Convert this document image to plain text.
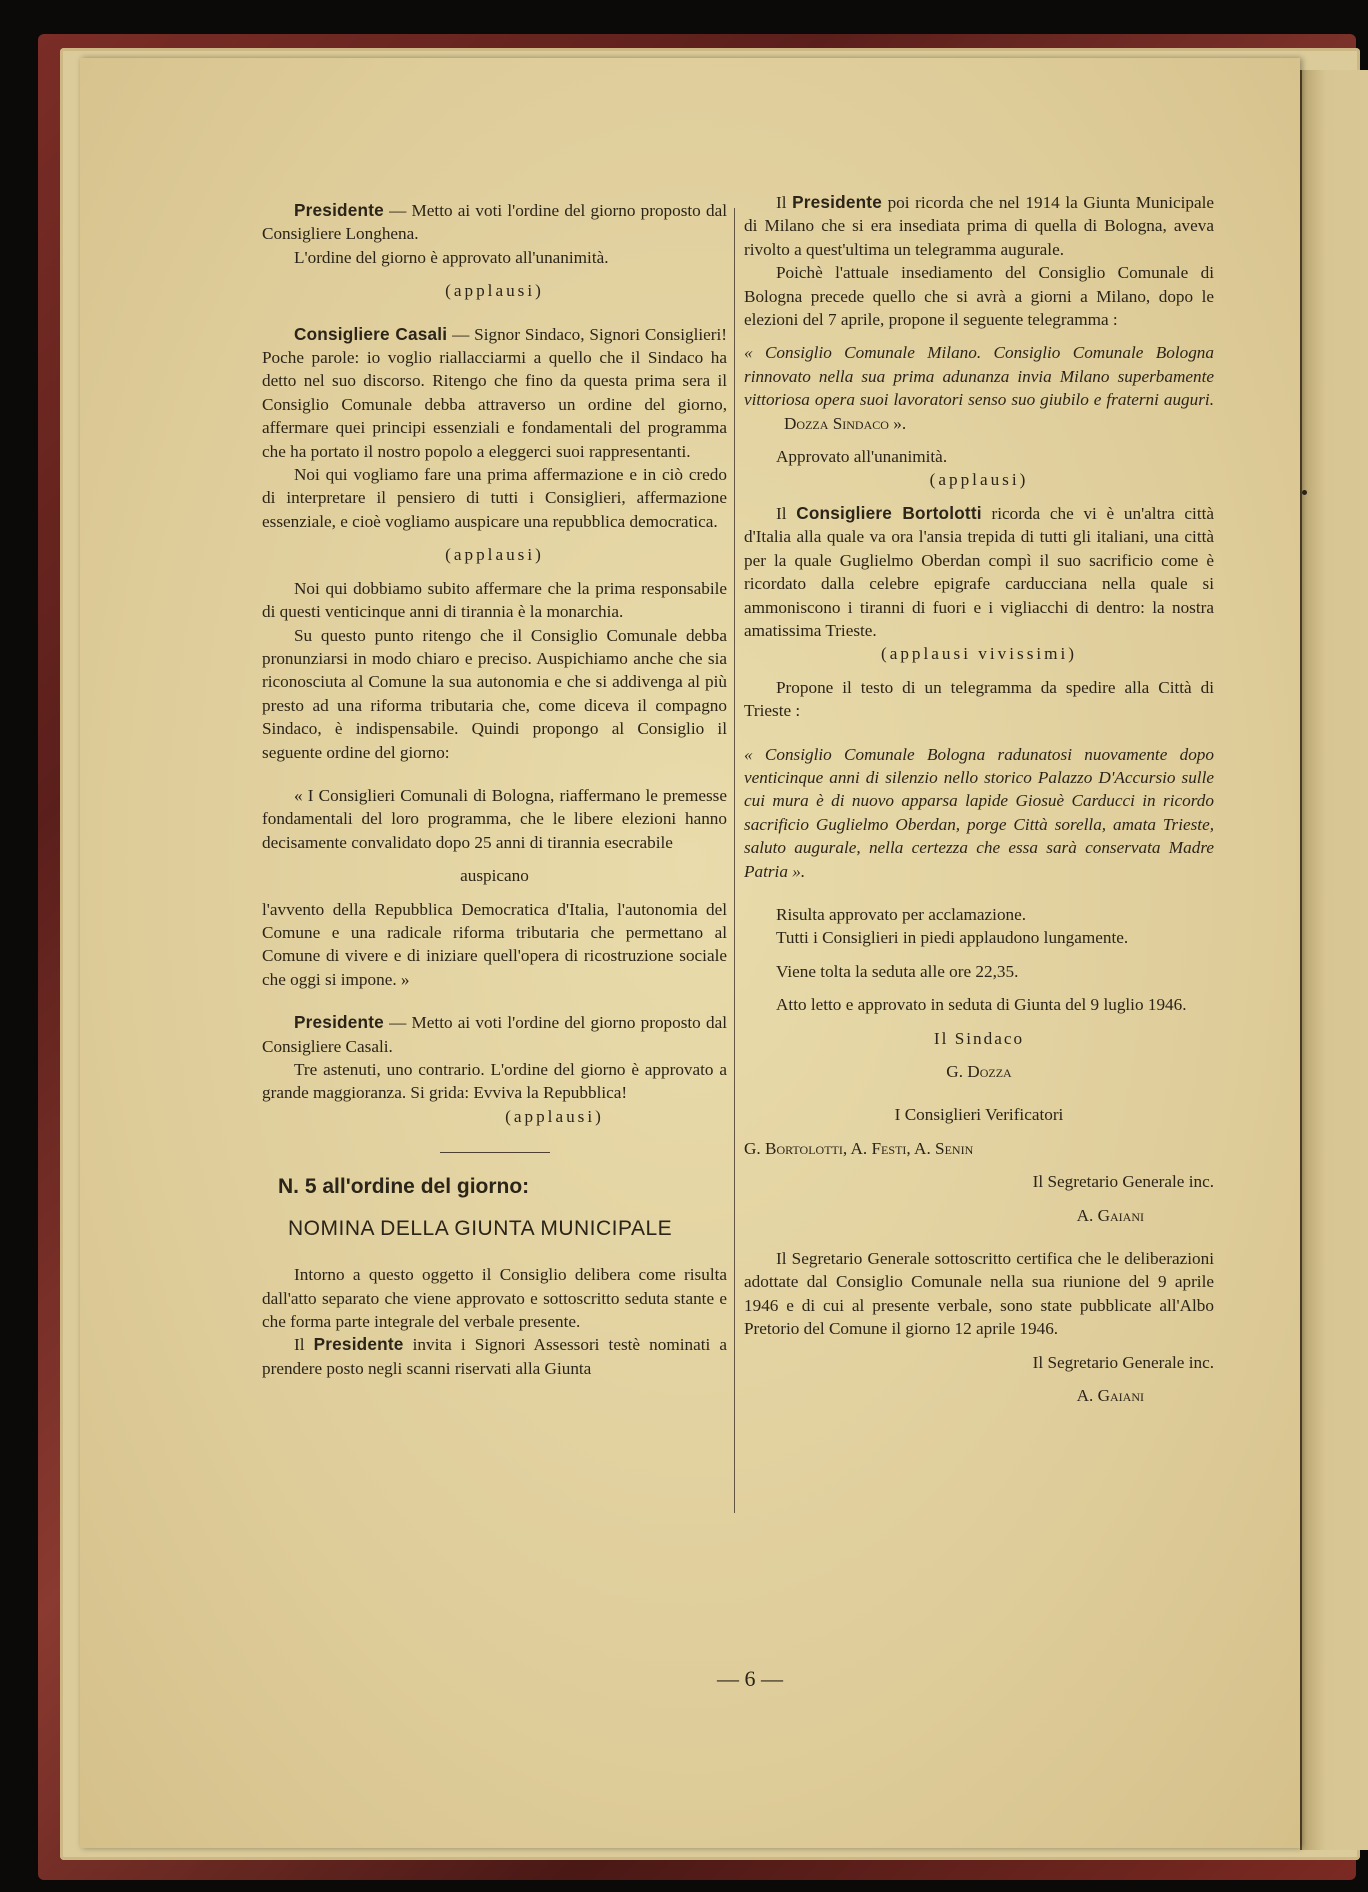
Presidente — Metto ai voti l'ordine del giorno proposto dal Consigliere Longhena.

L'ordine del giorno è approvato all'unanimità.

(applausi)

Consigliere Casali — Signor Sindaco, Signori Consiglieri! Poche parole: io voglio riallacciarmi a quello che il Sindaco ha detto nel suo discorso. Ritengo che fino da questa prima sera il Consiglio Comunale debba attraverso un ordine del giorno, affermare quei principi essenziali e fondamentali del programma che ha portato il nostro popolo a eleggerci suoi rappresentanti.

Noi qui vogliamo fare una prima affermazione e in ciò credo di interpretare il pensiero di tutti i Consiglieri, affermazione essenziale, e cioè vogliamo auspicare una repubblica democratica.

(applausi)

Noi qui dobbiamo subito affermare che la prima responsabile di questi venticinque anni di tirannia è la monarchia.

Su questo punto ritengo che il Consiglio Comunale debba pronunziarsi in modo chiaro e preciso. Auspichiamo anche che sia riconosciuta al Comune la sua autonomia e che si addivenga al più presto ad una riforma tributaria che, come diceva il compagno Sindaco, è indispensabile. Quindi propongo al Consiglio il seguente ordine del giorno:

« I Consiglieri Comunali di Bologna, riaffermano le premesse fondamentali del loro programma, che le libere elezioni hanno decisamente convalidato dopo 25 anni di tirannia esecrabile

auspicano

l'avvento della Repubblica Democratica d'Italia, l'autonomia del Comune e una radicale riforma tributaria che permettano al Comune di vivere e di iniziare quell'opera di ricostruzione sociale che oggi si impone. »

Presidente — Metto ai voti l'ordine del giorno proposto dal Consigliere Casali.

Tre astenuti, uno contrario. L'ordine del giorno è approvato a grande maggioranza. Si grida: Evviva la Repubblica!

(applausi)

N. 5 all'ordine del giorno:
NOMINA DELLA GIUNTA MUNICIPALE

Intorno a questo oggetto il Consiglio delibera come risulta dall'atto separato che viene approvato e sottoscritto seduta stante e che forma parte integrale del verbale presente.

Il Presidente invita i Signori Assessori testè nominati a prendere posto negli scanni riservati alla Giunta

Il Presidente poi ricorda che nel 1914 la Giunta Municipale di Milano che si era insediata prima di quella di Bologna, aveva rivolto a quest'ultima un telegramma augurale.

Poichè l'attuale insediamento del Consiglio Comunale di Bologna precede quello che si avrà a giorni a Milano, dopo le elezioni del 7 aprile, propone il seguente telegramma :

« Consiglio Comunale Milano. Consiglio Comunale Bologna rinnovato nella sua prima adunanza invia Milano superbamente vittoriosa opera suoi lavoratori senso suo giubilo e fraterni auguri. Dozza Sindaco ».

Approvato all'unanimità.

(applausi)

Il Consigliere Bortolotti ricorda che vi è un'altra città d'Italia alla quale va ora l'ansia trepida di tutti gli italiani, una città per la quale Guglielmo Oberdan compì il suo sacrificio come è ricordato dalla celebre epigrafe carducciana nella quale si ammoniscono i tiranni di fuori e i vigliacchi di dentro: la nostra amatissima Trieste.

(applausi vivissimi)

Propone il testo di un telegramma da spedire alla Città di Trieste :

« Consiglio Comunale Bologna radunatosi nuovamente dopo venticinque anni di silenzio nello storico Palazzo D'Accursio sulle cui mura è di nuovo apparsa lapide Giosuè Carducci in ricordo sacrificio Guglielmo Oberdan, porge Città sorella, amata Trieste, saluto augurale, nella certezza che essa sarà conservata Madre Patria ».

Risulta approvato per acclamazione.

Tutti i Consiglieri in piedi applaudono lungamente.

Viene tolta la seduta alle ore 22,35.

Atto letto e approvato in seduta di Giunta del 9 luglio 1946.

Il Sindaco

G. Dozza

I Consiglieri Verificatori

G. Bortolotti, A. Festi, A. Senin

Il Segretario Generale inc.

A. Gaiani

Il Segretario Generale sottoscritto certifica che le deliberazioni adottate dal Consiglio Comunale nella sua riunione del 9 aprile 1946 e di cui al presente verbale, sono state pubblicate all'Albo Pretorio del Comune il giorno 12 aprile 1946.

Il Segretario Generale inc.

A. Gaiani

— 6 —
